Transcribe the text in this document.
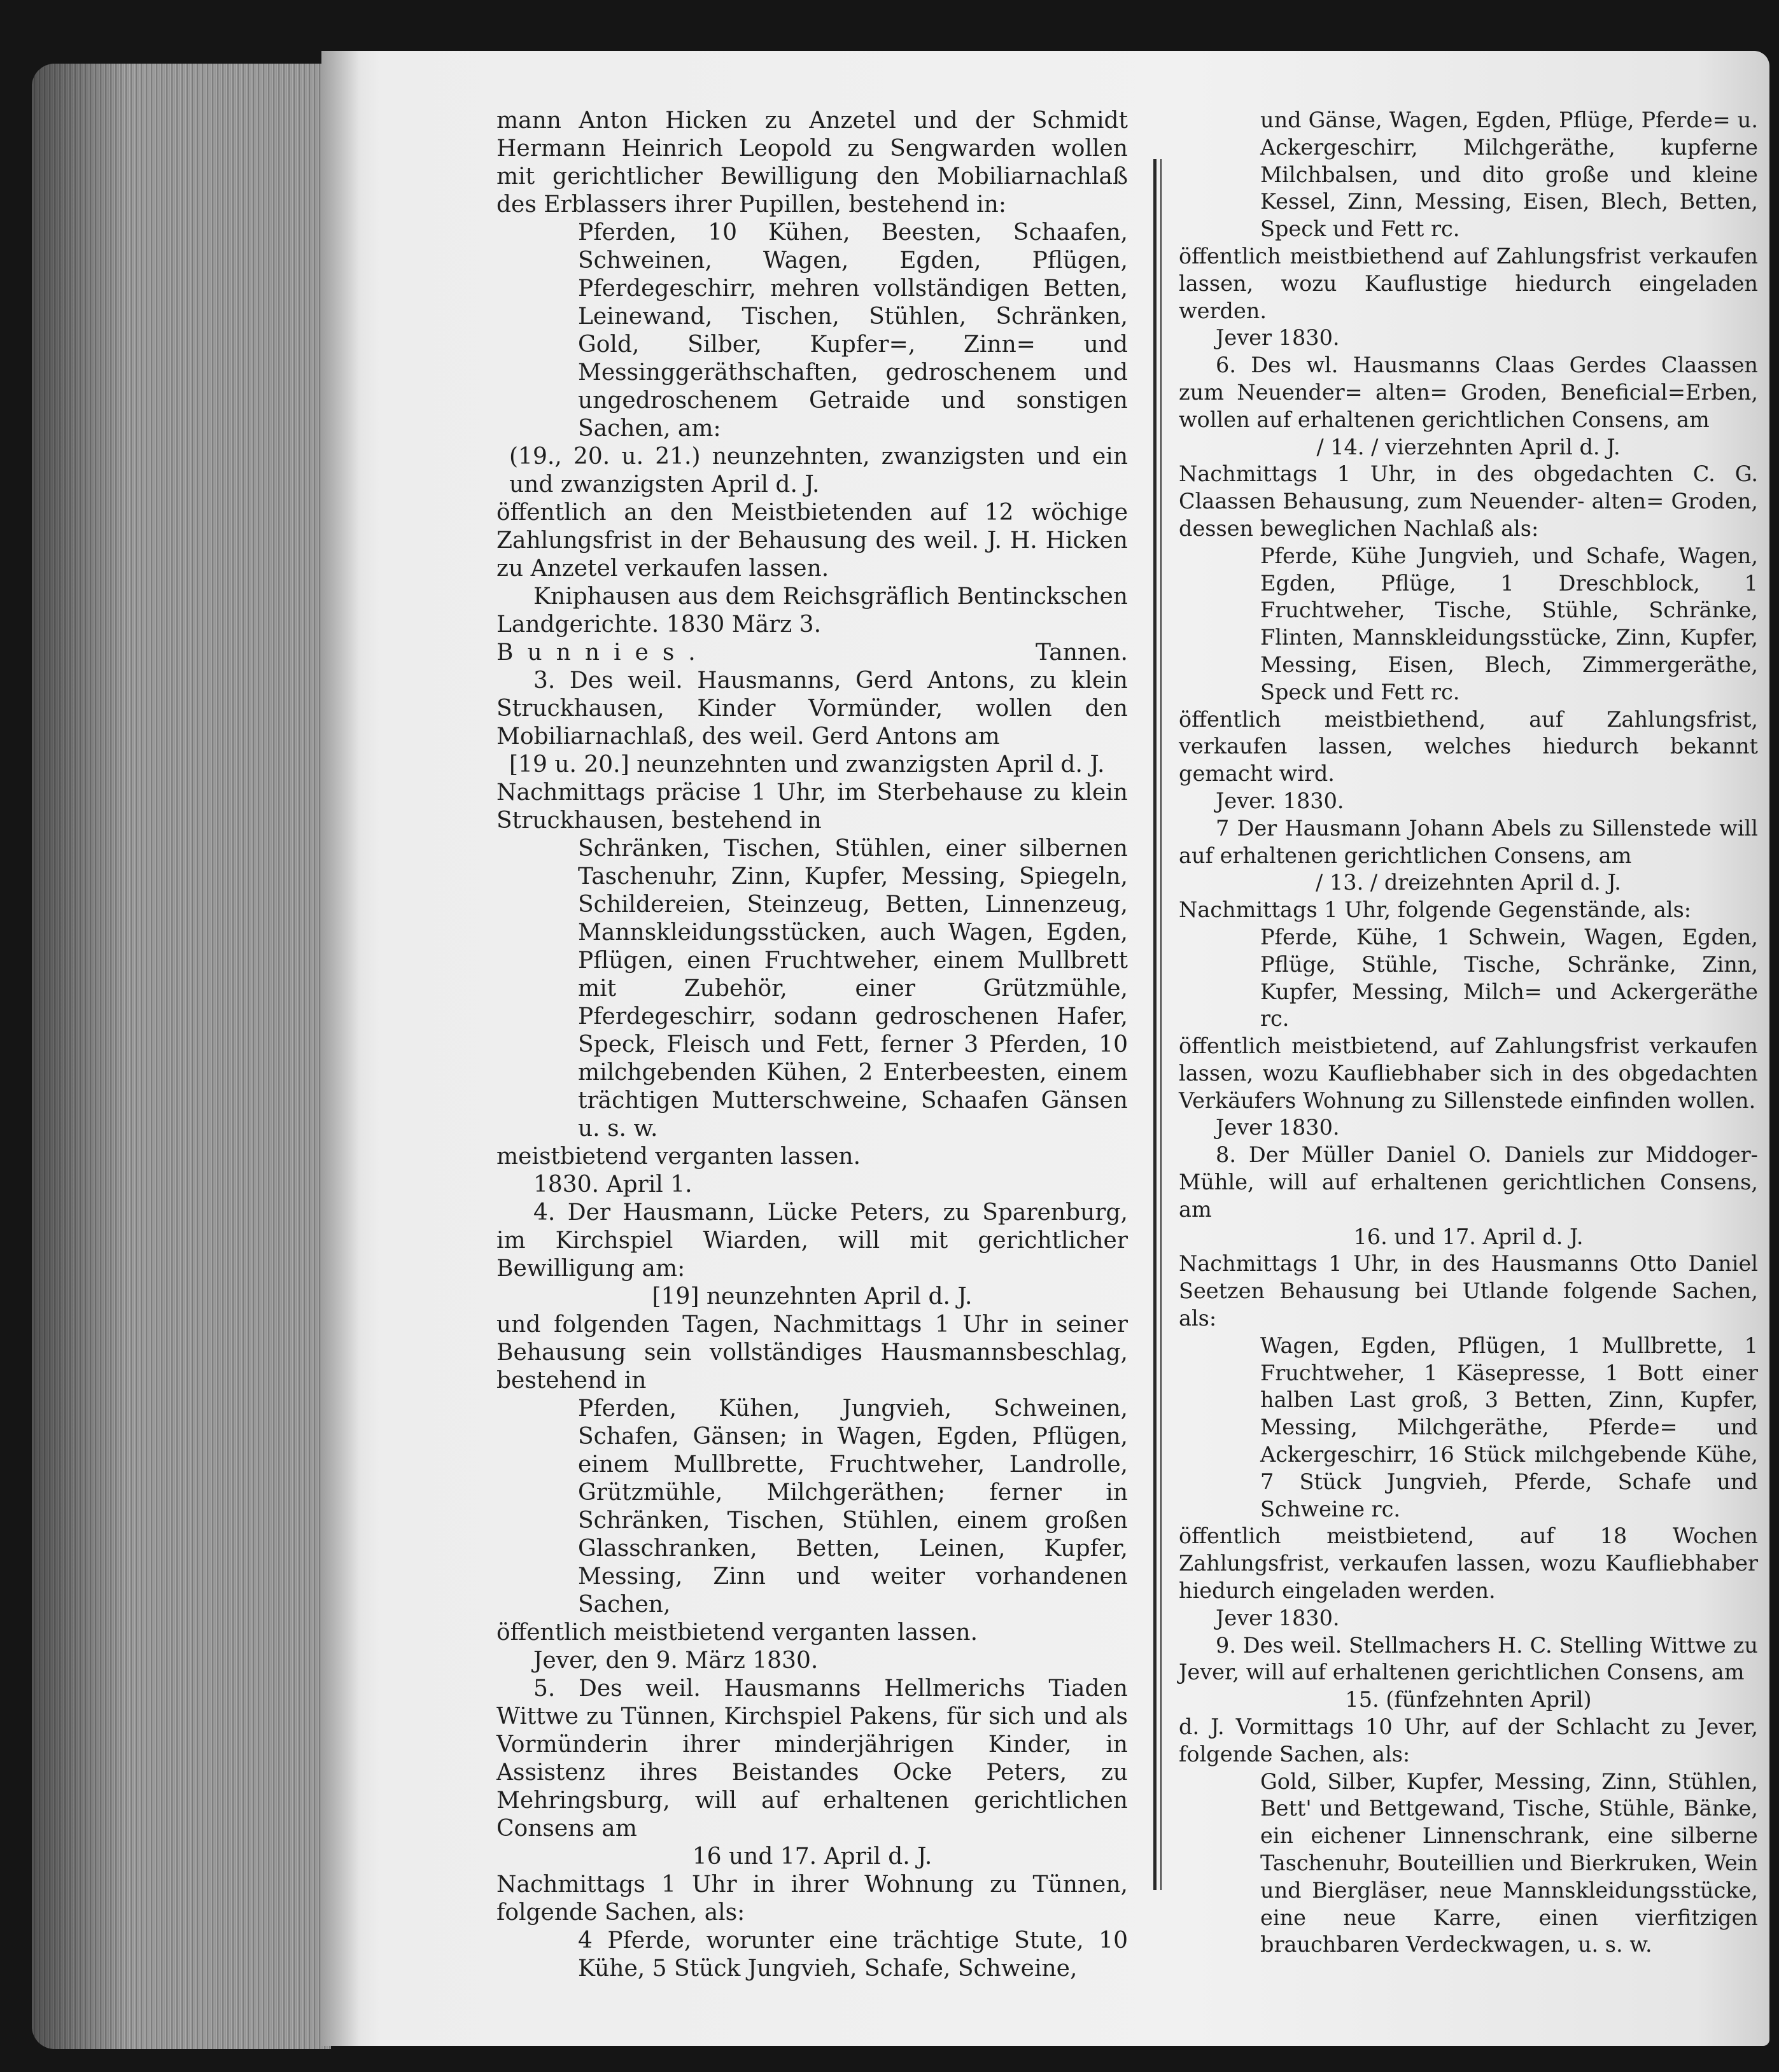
mann Anton Hicken zu Anzetel und der Schmidt Hermann Heinrich Leopold zu Sengwarden wollen mit gerichtlicher Bewilligung den Mobiliarnachlaß des Erblassers ihrer Pupillen, bestehend in:

Pferden, 10 Kühen, Beesten, Schaafen, Schweinen, Wagen, Egden, Pflügen, Pferdegeschirr, mehren vollständigen Betten, Leinewand, Tischen, Stühlen, Schränken, Gold, Silber, Kupfer=, Zinn= und Messinggeräthschaften, gedroschenem und ungedroschenem Getraide und sonstigen Sachen, am:

(19., 20. u. 21.) neunzehnten, zwanzigsten und ein und zwanzigsten April d. J.

öffentlich an den Meistbietenden auf 12 wöchige Zahlungsfrist in der Behausung des weil. J. H. Hicken zu Anzetel verkaufen lassen.

Kniphausen aus dem Reichsgräflich Bentinckschen Landgerichte. 1830 März 3.

Bunnies.	Tannen.

3. Des weil. Hausmanns, Gerd Antons, zu klein Struckhausen, Kinder Vormünder, wollen den Mobiliarnachlaß, des weil. Gerd Antons am

[19 u. 20.] neunzehnten und zwanzigsten April d. J.

Nachmittags präcise 1 Uhr, im Sterbehause zu klein Struckhausen, bestehend in

Schränken, Tischen, Stühlen, einer silbernen Taschenuhr, Zinn, Kupfer, Messing, Spiegeln, Schildereien, Steinzeug, Betten, Linnenzeug, Mannskleidungsstücken, auch Wagen, Egden, Pflügen, einen Fruchtweher, einem Mullbrett mit Zubehör, einer Grützmühle, Pferdegeschirr, sodann gedroschenen Hafer, Speck, Fleisch und Fett, ferner 3 Pferden, 10 milchgebenden Kühen, 2 Enterbeesten, einem trächtigen Mutterschweine, Schaafen Gänsen u. s. w.

meistbietend verganten lassen.

1830. April 1.

4. Der Hausmann, Lücke Peters, zu Sparenburg, im Kirchspiel Wiarden, will mit gerichtlicher Bewilligung am:

[19] neunzehnten April d. J.

und folgenden Tagen, Nachmittags 1 Uhr in seiner Behausung sein vollständiges Hausmannsbeschlag, bestehend in

Pferden, Kühen, Jungvieh, Schweinen, Schafen, Gänsen; in Wagen, Egden, Pflügen, einem Mullbrette, Fruchtweher, Landrolle, Grützmühle, Milchgeräthen; ferner in Schränken, Tischen, Stühlen, einem großen Glasschranken, Betten, Leinen, Kupfer, Messing, Zinn und weiter vorhandenen Sachen,

öffentlich meistbietend verganten lassen.

Jever, den 9. März 1830.

5. Des weil. Hausmanns Hellmerichs Tiaden Wittwe zu Tünnen, Kirchspiel Pakens, für sich und als Vormünderin ihrer minderjährigen Kinder, in Assistenz ihres Beistandes Ocke Peters, zu Mehringsburg, will auf erhaltenen gerichtlichen Consens am

16 und 17. April d. J.

Nachmittags 1 Uhr in ihrer Wohnung zu Tünnen, folgende Sachen, als:

4 Pferde, worunter eine trächtige Stute, 10 Kühe, 5 Stück Jungvieh, Schafe, Schweine,

und Gänse, Wagen, Egden, Pflüge, Pferde= u. Ackergeschirr, Milchgeräthe, kupferne Milchbalsen, und dito große und kleine Kessel, Zinn, Messing, Eisen, Blech, Betten, Speck und Fett rc.

öffentlich meistbiethend auf Zahlungsfrist verkaufen lassen, wozu Kauflustige hiedurch eingeladen werden.

Jever 1830.

6. Des wl. Hausmanns Claas Gerdes Claassen zum Neuender= alten= Groden, Beneficial=Erben, wollen auf erhaltenen gerichtlichen Consens, am

/ 14. / vierzehnten April d. J.

Nachmittags 1 Uhr, in des obgedachten C. G. Claassen Behausung, zum Neuender- alten= Groden, dessen beweglichen Nachlaß als:

Pferde, Kühe Jungvieh, und Schafe, Wagen, Egden, Pflüge, 1 Dreschblock, 1 Fruchtweher, Tische, Stühle, Schränke, Flinten, Mannskleidungsstücke, Zinn, Kupfer, Messing, Eisen, Blech, Zimmergeräthe, Speck und Fett rc.

öffentlich meistbiethend, auf Zahlungsfrist, verkaufen lassen, welches hiedurch bekannt gemacht wird.

Jever. 1830.

7 Der Hausmann Johann Abels zu Sillenstede will auf erhaltenen gerichtlichen Consens, am

/ 13. / dreizehnten April d. J.

Nachmittags 1 Uhr, folgende Gegenstände, als:

Pferde, Kühe, 1 Schwein, Wagen, Egden, Pflüge, Stühle, Tische, Schränke, Zinn, Kupfer, Messing, Milch= und Ackergeräthe rc.

öffentlich meistbietend, auf Zahlungsfrist verkaufen lassen, wozu Kaufliebhaber sich in des obgedachten Verkäufers Wohnung zu Sillenstede einfinden wollen.

Jever 1830.

8. Der Müller Daniel O. Daniels zur Middoger-Mühle, will auf erhaltenen gerichtlichen Consens, am

16. und 17. April d. J.

Nachmittags 1 Uhr, in des Hausmanns Otto Daniel Seetzen Behausung bei Utlande folgende Sachen, als:

Wagen, Egden, Pflügen, 1 Mullbrette, 1 Fruchtweher, 1 Käsepresse, 1 Bott einer halben Last groß, 3 Betten, Zinn, Kupfer, Messing, Milchgeräthe, Pferde= und Ackergeschirr, 16 Stück milchgebende Kühe, 7 Stück Jungvieh, Pferde, Schafe und Schweine rc.

öffentlich meistbietend, auf 18 Wochen Zahlungsfrist, verkaufen lassen, wozu Kaufliebhaber hiedurch eingeladen werden.

Jever 1830.

9. Des weil. Stellmachers H. C. Stelling Wittwe zu Jever, will auf erhaltenen gerichtlichen Consens, am

15. (fünfzehnten April)

d. J. Vormittags 10 Uhr, auf der Schlacht zu Jever, folgende Sachen, als:

Gold, Silber, Kupfer, Messing, Zinn, Stühlen, Bett' und Bettgewand, Tische, Stühle, Bänke, ein eichener Linnenschrank, eine silberne Taschenuhr, Bouteillien und Bierkruken, Wein und Biergläser, neue Mannskleidungsstücke, eine neue Karre, einen vierfitzigen brauchbaren Verdeckwagen, u. s. w.
